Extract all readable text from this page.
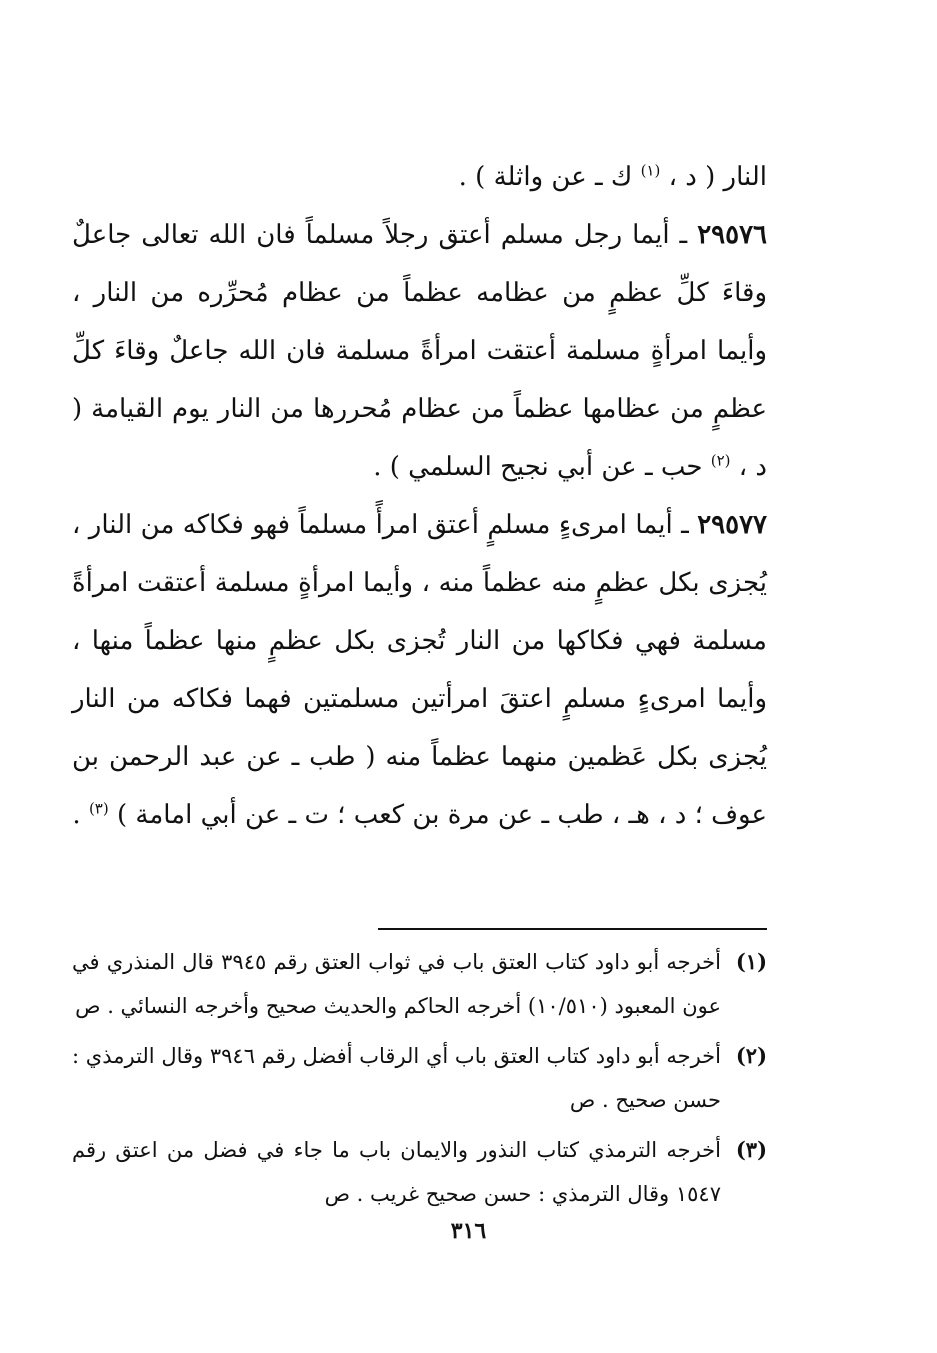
النار ( د ، $^{(١)}$ ك ـ عن واثلة ) .

٢٩٥٧٦ ـ أيما رجل مسلم أعتق رجلاً مسلماً فان الله تعالى جاعلٌ وقاءَ كلِّ عظمٍ من عظامه عظماً من عظام مُحرِّره من النار ، وأيما امرأةٍ مسلمة أعتقت امرأةً مسلمة فان الله جاعلٌ وقاءَ كلِّ عظمٍ من عظامها عظماً من عظام مُحررها من النار يوم القيامة ( د ، $^{(٢)}$ حب ـ عن أبي نجيح السلمي ) .

٢٩٥٧٧ ـ أيما امرىءٍ مسلمٍ أعتق امرأً مسلماً فهو فكاكه من النار ، يُجزى بكل عظمٍ منه عظماً منه ، وأيما امرأةٍ مسلمة أعتقت امرأةً مسلمة فهي فكاكها من النار تُجزى بكل عظمٍ منها عظماً منها ، وأيما امرىءٍ مسلمٍ اعتقَ امرأتين مسلمتين فهما فكاكه من النار يُجزى بكل عَظمين منهما عظماً منه ( طب ـ عن عبد الرحمن بن عوف ؛ د ، هـ ، طب ـ عن مرة بن كعب ؛ ت ـ عن أبي امامة ) $^{(٣)}$ .

(١)
أخرجه أبو داود كتاب العتق باب في ثواب العتق رقم ٣٩٤٥ قال المنذري في عون المعبود (١٠/٥١٠) أخرجه الحاكم والحديث صحيح وأخرجه النسائي . ص

(٢)
أخرجه أبو داود كتاب العتق باب أي الرقاب أفضل رقم ٣٩٤٦ وقال الترمذي : حسن صحيح . ص

(٣)
أخرجه الترمذي كتاب النذور والايمان باب ما جاء في فضل من اعتق رقم ١٥٤٧ وقال الترمذي : حسن صحيح غريب . ص

٣١٦
